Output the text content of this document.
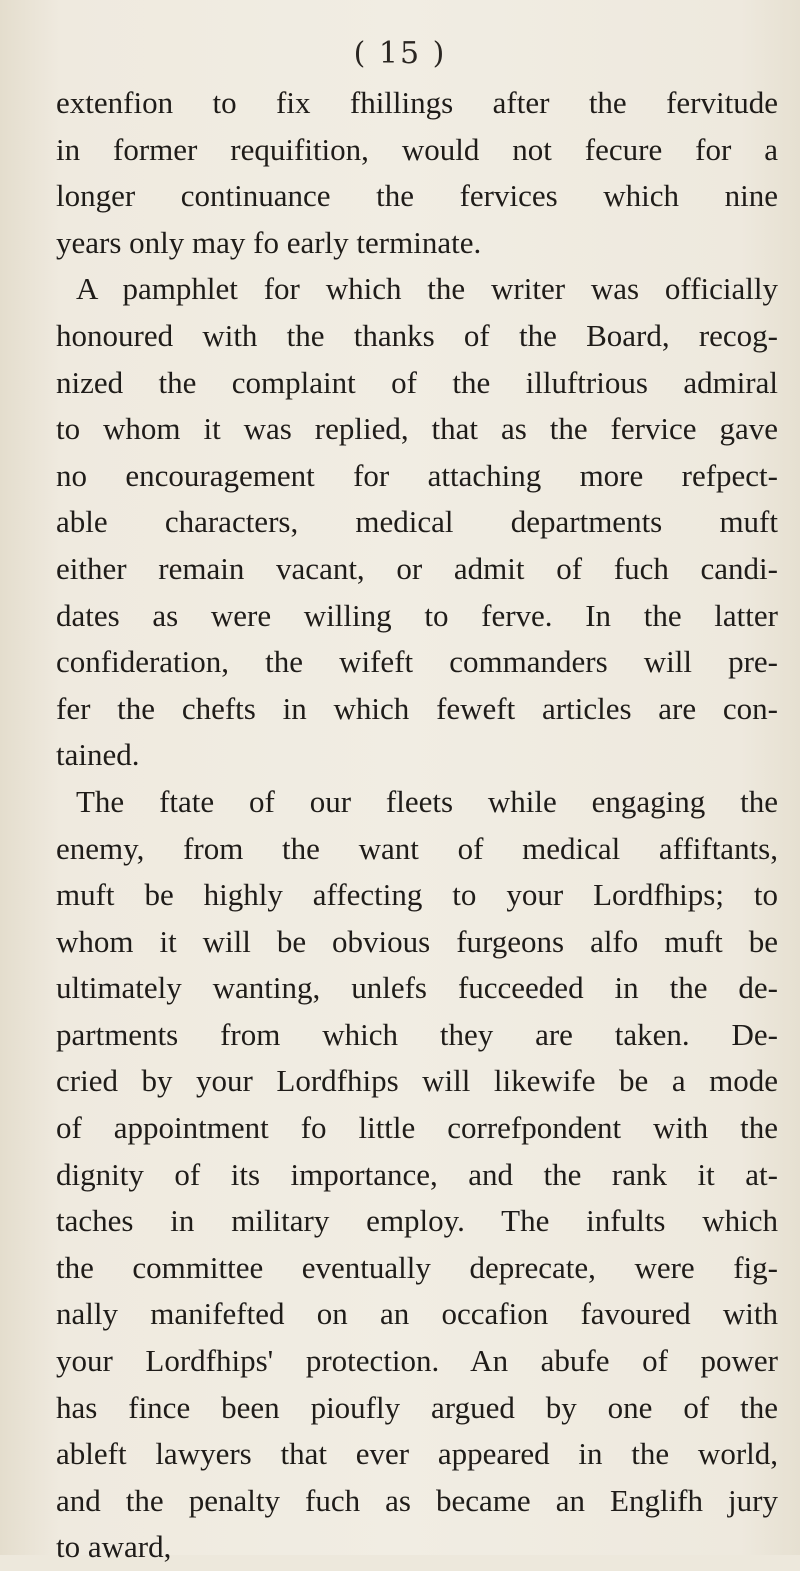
( 15 )
extenfion to fix fhillings after the fervitude
in former requifition, would not fecure for a
longer continuance the fervices which nine
years only may fo early terminate.
A pamphlet for which the writer was officially
honoured with the thanks of the Board, recog-
nized the complaint of the illuftrious admiral
to whom it was replied, that as the fervice gave
no encouragement for attaching more refpect-
able characters, medical departments muft
either remain vacant, or admit of fuch candi-
dates as were willing to ferve. In the latter
confideration, the wifeft commanders will pre-
fer the chefts in which feweft articles are con-
tained.
The ftate of our fleets while engaging the
enemy, from the want of medical affiftants,
muft be highly affecting to your Lordfhips; to
whom it will be obvious furgeons alfo muft be
ultimately wanting, unlefs fucceeded in the de-
partments from which they are taken. De-
cried by your Lordfhips will likewife be a mode
of appointment fo little correfpondent with the
dignity of its importance, and the rank it at-
taches in military employ. The infults which
the committee eventually deprecate, were fig-
nally manifefted on an occafion favoured with
your Lordfhips' protection. An abufe of power
has fince been pioufly argued by one of the
ableft lawyers that ever appeared in the world,
and the penalty fuch as became an Englifh jury
to award,
